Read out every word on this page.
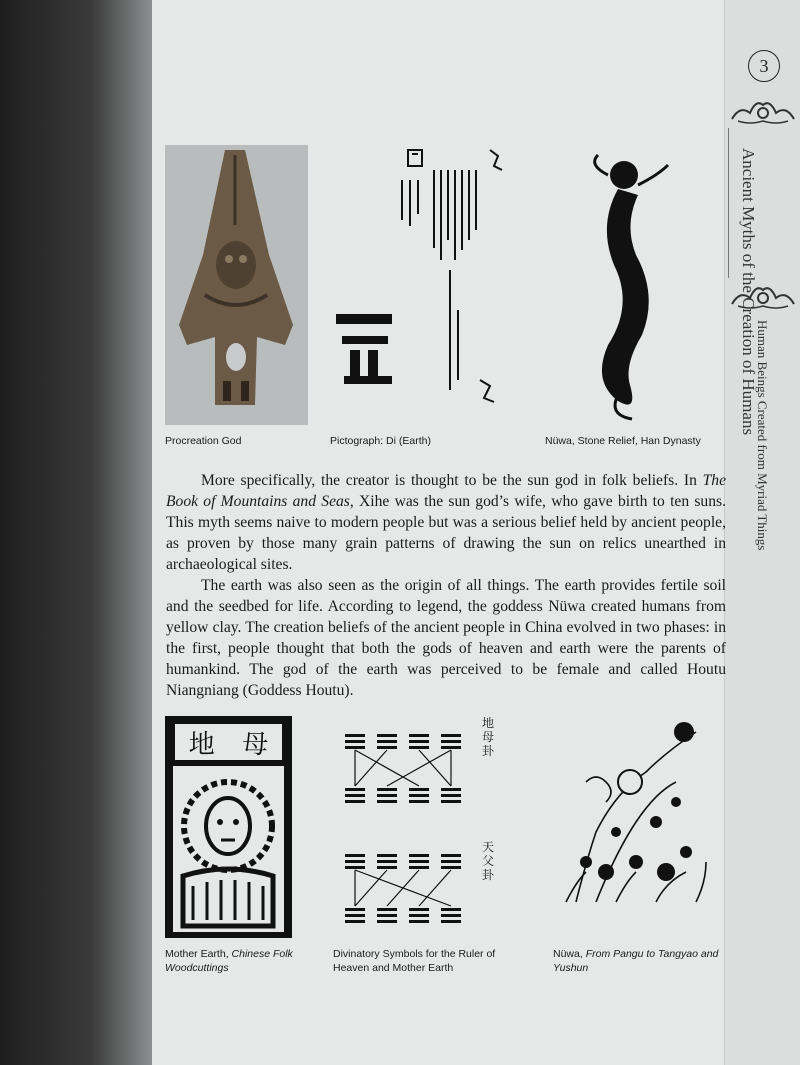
3
Ancient Myths of the Creation of Humans
Human Beings Created from Myriad Things
Procreation God	Pictograph: Di (Earth)	Nüwa, Stone Relief, Han Dynasty

More specifically, the creator is thought to be the sun god in folk beliefs. In The Book of Mountains and Seas, Xihe was the sun god’s wife, who gave birth to ten suns. This myth seems naive to modern people but was a serious belief held by ancient people, as proven by those many grain patterns of drawing the sun on relics unearthed in archaeological sites.

The earth was also seen as the origin of all things. The earth provides fertile soil and the seedbed for life. According to legend, the goddess Nüwa created humans from yellow clay. The creation beliefs of the ancient people in China evolved in two phases: in the first, people thought that both the gods of heaven and earth were the parents of humankind. The god of the earth was perceived to be female and called Houtu Niangniang (Goddess Houtu).

地 母
Mother Earth, Chinese Folk Woodcuttings
地母卦
天父卦
Divinatory Symbols for the Ruler of Heaven and Mother Earth
Nüwa, From Pangu to Tangyao and Yushun
